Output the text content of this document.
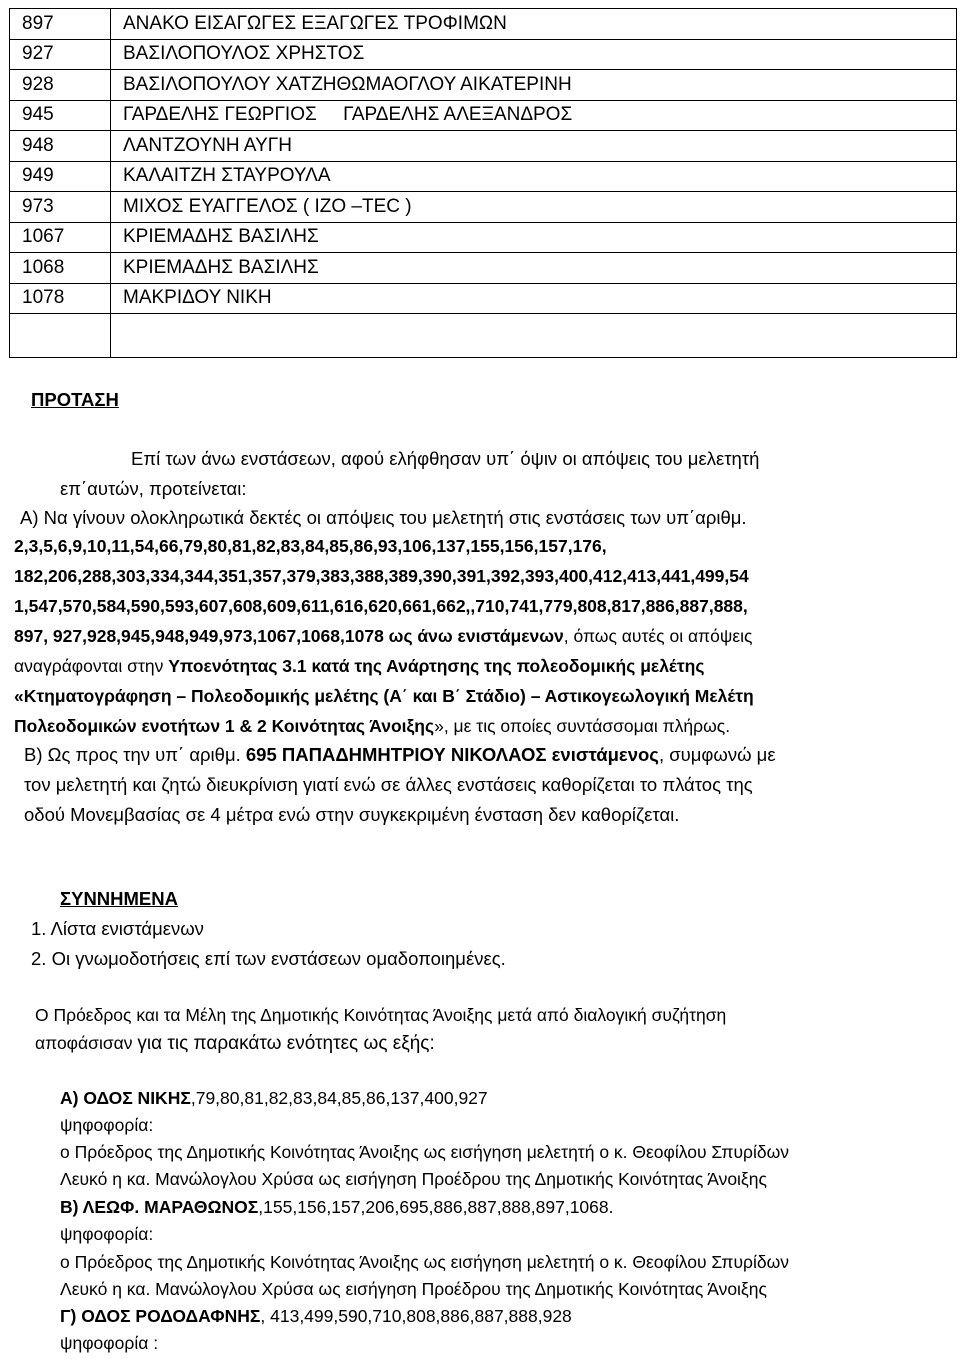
897	ΑΝΑΚΟ ΕΙΣΑΓΩΓΕΣ ΕΞΑΓΩΓΕΣ ΤΡΟΦΙΜΩΝ
927	ΒΑΣΙΛΟΠΟΥΛΟΣ ΧΡΗΣΤΟΣ
928	ΒΑΣΙΛΟΠΟΥΛΟΥ ΧΑΤΖΗΘΩΜΑΟΓΛΟΥ ΑΙΚΑΤΕΡΙΝΗ
945	ΓΑΡΔΕΛΗΣ ΓΕΩΡΓΙΟΣ     ΓΑΡΔΕΛΗΣ ΑΛΕΞΑΝΔΡΟΣ
948	ΛΑΝΤΖΟΥΝΗ ΑΥΓΗ
949	ΚΑΛΑΙΤΖΗ ΣΤΑΥΡΟΥΛΑ
973	ΜΙΧΟΣ ΕΥΑΓΓΕΛΟΣ ( ΙΖΟ –ΤΕC )
1067	ΚΡΙΕΜΑΔΗΣ ΒΑΣΙΛΗΣ
1068	ΚΡΙΕΜΑΔΗΣ ΒΑΣΙΛΗΣ
1078	ΜΑΚΡΙΔΟΥ ΝΙΚΗ

ΠΡΟΤΑΣΗ
Επί των άνω ενστάσεων, αφού ελήφθησαν υπ΄ όψιν οι απόψεις του μελετητή
επ΄αυτών, προτείνεται:
Α) Να γίνουν ολοκληρωτικά δεκτές οι απόψεις του μελετητή στις ενστάσεις των υπ΄αριθμ.
2,3,5,6,9,10,11,54,66,79,80,81,82,83,84,85,86,93,106,137,155,156,157,176,
182,206,288,303,334,344,351,357,379,383,388,389,390,391,392,393,400,412,413,441,499,54
1,547,570,584,590,593,607,608,609,611,616,620,661,662,,710,741,779,808,817,886,887,888,
897, 927,928,945,948,949,973,1067,1068,1078 ως άνω ενιστάμενων, όπως αυτές οι απόψεις
αναγράφονται στην Υποενότητας 3.1 κατά της Ανάρτησης της πολεοδομικής μελέτης
«Κτηματογράφηση – Πολεοδομικής μελέτης (Α΄ και Β΄ Στάδιο) – Αστικογεωλογική Μελέτη
Πολεοδομικών ενοτήτων 1 & 2 Κοινότητας Άνοιξης», με τις οποίες συντάσσομαι πλήρως.
Β) Ως προς την υπ΄ αριθμ. 695 ΠΑΠΑΔΗΜΗΤΡΙΟΥ ΝΙΚΟΛΑΟΣ ενιστάμενος, συμφωνώ με
τον μελετητή και ζητώ διευκρίνιση γιατί ενώ σε άλλες ενστάσεις καθορίζεται το πλάτος της
οδού Μονεμβασίας σε 4 μέτρα ενώ στην συγκεκριμένη ένσταση δεν καθορίζεται.
ΣΥΝΝΗΜΕΝΑ
1. Λίστα ενιστάμενων
2. Οι γνωμοδοτήσεις επί των ενστάσεων ομαδοποιημένες.
Ο Πρόεδρος και τα Μέλη της Δημοτικής Κοινότητας Άνοιξης μετά από διαλογική συζήτηση
αποφάσισαν για τις παρακάτω ενότητες ως εξής:
Α) ΟΔΟΣ ΝΙΚΗΣ,79,80,81,82,83,84,85,86,137,400,927
ψηφοφορία:
ο Πρόεδρος της Δημοτικής Κοινότητας Άνοιξης ως εισήγηση μελετητή ο κ. Θεοφίλου Σπυρίδων
Λευκό η κα. Μανώλογλου Χρύσα ως εισήγηση Προέδρου της Δημοτικής Κοινότητας Άνοιξης
Β) ΛΕΩΦ. ΜΑΡΑΘΩΝΟΣ,155,156,157,206,695,886,887,888,897,1068.
ψηφοφορία:
ο Πρόεδρος της Δημοτικής Κοινότητας Άνοιξης ως εισήγηση μελετητή ο κ. Θεοφίλου Σπυρίδων
Λευκό η κα. Μανώλογλου Χρύσα ως εισήγηση Προέδρου της Δημοτικής Κοινότητας Άνοιξης
Γ) ΟΔΟΣ ΡΟΔΟΔΑΦΝΗΣ, 413,499,590,710,808,886,887,888,928
ψηφοφορία :
